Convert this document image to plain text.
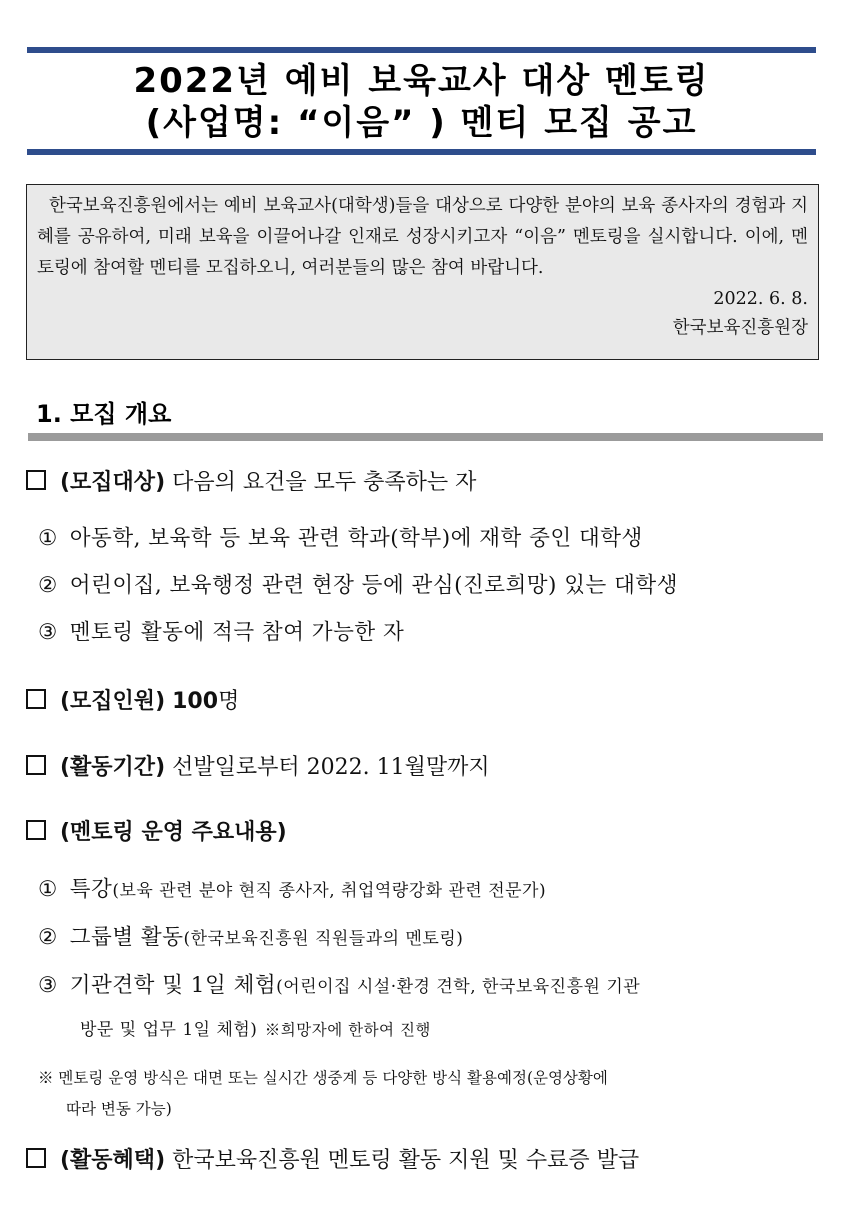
2022년 예비 보육교사 대상 멘토링
(사업명: “이음” ) 멘티 모집 공고
한국보육진흥원에서는 예비 보육교사(대학생)들을 대상으로 다양한 분야의 보육 종사자의 경험과 지혜를 공유하여, 미래 보육을 이끌어나갈 인재로 성장시키고자 “이음” 멘토링을 실시합니다. 이에, 멘토링에 참여할 멘티를 모집하오니, 여러분들의 많은 참여 바랍니다.
2022. 6. 8.
한국보육진흥원장
1. 모집 개요
(모집대상) 다음의 요건을 모두 충족하는 자
① 아동학, 보육학 등 보육 관련 학과(학부)에 재학 중인 대학생
② 어린이집, 보육행정 관련 현장 등에 관심(진로희망) 있는 대학생
③ 멘토링 활동에 적극 참여 가능한 자
(모집인원) 100명
(활동기간) 선발일로부터 2022. 11월말까지
(멘토링 운영 주요내용)
① 특강(보육 관련 분야 현직 종사자, 취업역량강화 관련 전문가)
② 그룹별 활동(한국보육진흥원 직원들과의 멘토링)
③ 기관견학 및 1일 체험(어린이집 시설·환경 견학, 한국보육진흥원 기관
방문 및 업무 1일 체험) ※희망자에 한하여 진행
※ 멘토링 운영 방식은 대면 또는 실시간 생중계 등 다양한 방식 활용예정(운영상황에
따라 변동 가능)
(활동혜택) 한국보육진흥원 멘토링 활동 지원 및 수료증 발급
